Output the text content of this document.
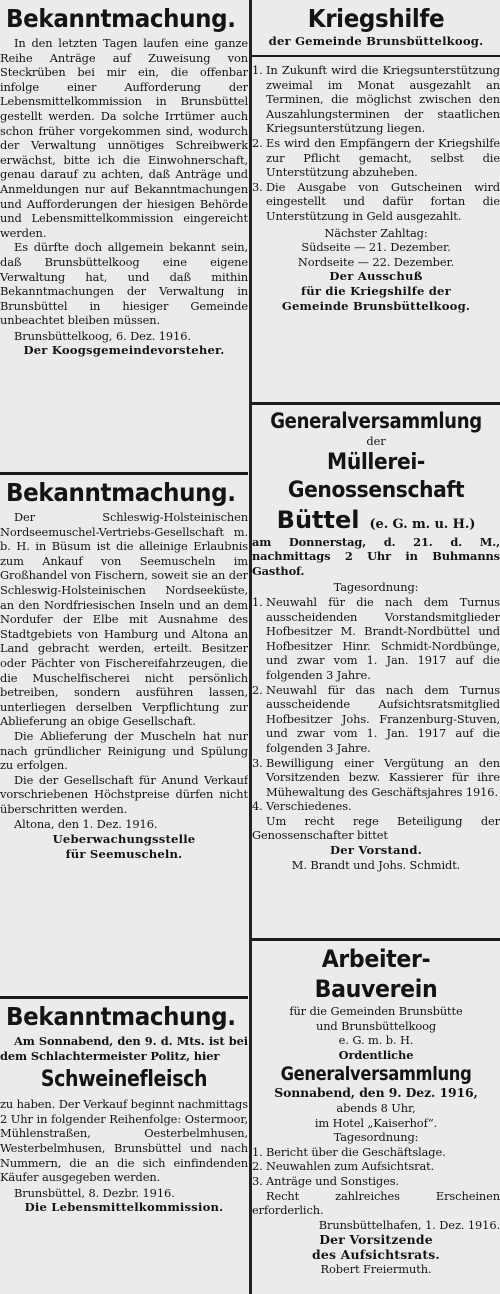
Bekanntmachung.

In den letzten Tagen laufen eine ganze Reihe Anträge auf Zuweisung von Steckrüben bei mir ein, die offenbar infolge einer Aufforderung der Lebensmittelkommission in Brunsbüttel gestellt werden. Da solche Irrtümer auch schon früher vorgekommen sind, wodurch der Verwaltung unnötiges Schreibwerk erwächst, bitte ich die Einwohnerschaft, genau darauf zu achten, daß Anträge und Anmeldungen nur auf Bekanntmachungen und Aufforderungen der hiesigen Behörde und Lebensmittelkommission eingereicht werden.

Es dürfte doch allgemein bekannt sein, daß Brunsbüttelkoog eine eigene Verwaltung hat, und daß mithin Bekanntmachungen der Verwaltung in Brunsbüttel in hiesiger Gemeinde unbeachtet bleiben müssen.

Brunsbüttelkoog, 6. Dez. 1916.

Der Koogsgemeindevorsteher.

Bekanntmachung.

Der Schleswig-Holsteinischen Nordseemuschel-Vertriebs-Gesellschaft m. b. H. in Büsum ist die alleinige Erlaubnis zum Ankauf von Seemuscheln im Großhandel von Fischern, soweit sie an der Schleswig-Holsteinischen Nordseeküste, an den Nordfriesischen Inseln und an dem Nordufer der Elbe mit Ausnahme des Stadtgebiets von Hamburg und Altona an Land gebracht werden, erteilt. Besitzer oder Pächter von Fischereifahrzeugen, die die Muschelfischerei nicht persönlich betreiben, sondern ausführen lassen, unterliegen derselben Verpflichtung zur Ablieferung an obige Gesellschaft.

Die Ablieferung der Muscheln hat nur nach gründlicher Reinigung und Spülung zu erfolgen.

Die der Gesellschaft für Anund Verkauf vorschriebenen Höchstpreise dürfen nicht überschritten werden.

Altona, den 1. Dez. 1916.

Ueberwachungsstelle

für Seemuscheln.

Bekanntmachung.

Am Sonnabend, den 9. d. Mts. ist bei dem Schlachtermeister Politz, hier

Schweinefleisch

zu haben. Der Verkauf beginnt nachmittags 2 Uhr in folgender Reihenfolge: Ostermoor, Mühlenstraßen, Oesterbelmhusen, Westerbelmhusen, Brunsbüttel und nach Nummern, die an die sich einfindenden Käufer ausgegeben werden.

Brunsbüttel, 8. Dezbr. 1916.

Die Lebensmittelkommission.

Kriegshilfe

der Gemeinde Brunsbüttelkoog.

1. In Zukunft wird die Kriegsunterstützung zweimal im Monat ausgezahlt an Terminen, die möglichst zwischen den Auszahlungsterminen der staatlichen Kriegsunterstützung liegen.
2. Es wird den Empfängern der Kriegshilfe zur Pflicht gemacht, selbst die Unterstützung abzuheben.
3. Die Ausgabe von Gutscheinen wird eingestellt und dafür fortan die Unterstützung in Geld ausgezahlt.

Nächster Zahltag:

Südseite — 21. Dezember.

Nordseite — 22. Dezember.

Der Ausschuß

für die Kriegshilfe der

Gemeinde Brunsbüttelkoog.

Generalversammlung

der

Müllerei-Genossenschaft

Büttel (e. G. m. u. H.)

am Donnerstag, d. 21. d. M., nachmittags 2 Uhr in Buhmanns Gasthof.

Tagesordnung:

1. Neuwahl für die nach dem Turnus ausscheidenden Vorstandsmitglieder Hofbesitzer M. Brandt-Nordbüttel und Hofbesitzer Hinr. Schmidt-Nordbünge, und zwar vom 1. Jan. 1917 auf die folgenden 3 Jahre.
2. Neuwahl für das nach dem Turnus ausscheidende Aufsichtsratsmitglied Hofbesitzer Johs. Franzenburg-Stuven, und zwar vom 1. Jan. 1917 auf die folgenden 3 Jahre.
3. Bewilligung einer Vergütung an den Vorsitzenden bezw. Kassierer für ihre Mühewaltung des Geschäftsjahres 1916.
4. Verschiedenes.

Um recht rege Beteiligung der Genossenschafter bittet

Der Vorstand.

M. Brandt und Johs. Schmidt.

Arbeiter-Bauverein

für die Gemeinden Brunsbütte

und Brunsbüttelkoog

e. G. m. b. H.

Ordentliche

Generalversammlung

Sonnabend, den 9. Dez. 1916,

abends 8 Uhr,

im Hotel „Kaiserhof“.

Tagesordnung:

1. Bericht über die Geschäftslage.
2. Neuwahlen zum Aufsichtsrat.
3. Anträge und Sonstiges.

Recht zahlreiches Erscheinen erforderlich.

Brunsbüttelhafen, 1. Dez. 1916.

Der Vorsitzende

des Aufsichtsrats.

Robert Freiermuth.
